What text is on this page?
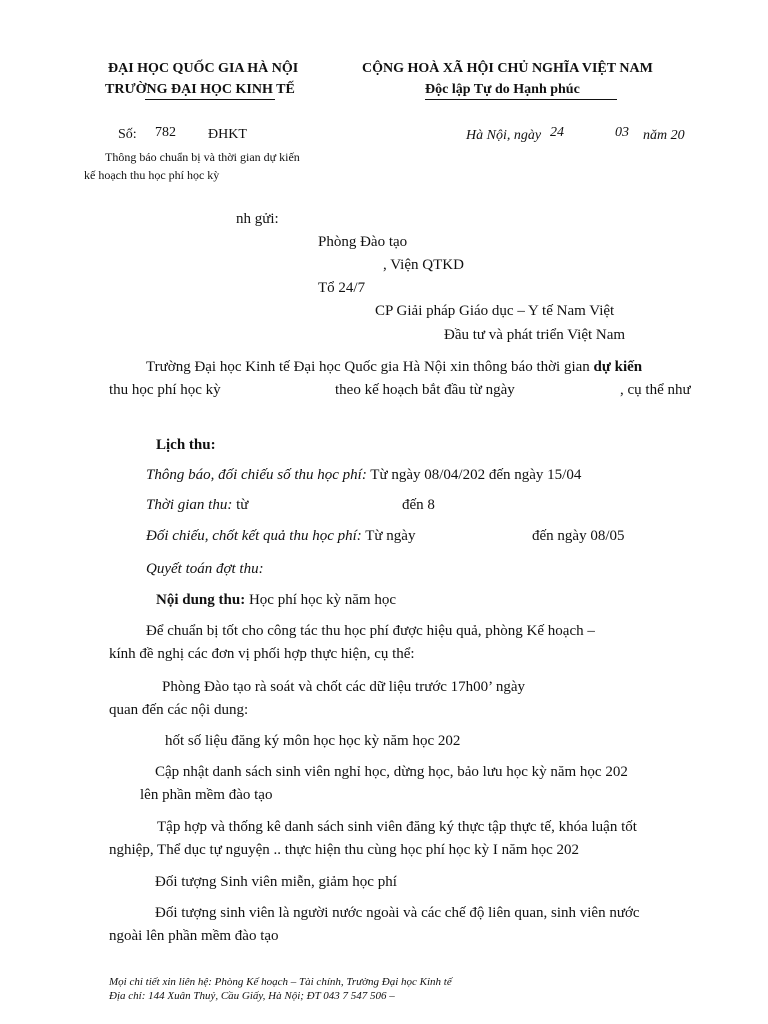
ĐẠI HỌC QUỐC GIA HÀ NỘI
TRƯỜNG ĐẠI HỌC KINH TẾ
CỘNG HOÀ XÃ HỘI CHỦ NGHĨA VIỆT NAM
Độc lập Tự do Hạnh phúc
Số: 782 ĐHKT	Hà Nội, ngày 24	03 năm 20
Thông báo chuẩn bị và thời gian dự kiến
kế hoạch thu học phí học kỳ
nh gửi:
Phòng Đào tạo
, Viện QTKD
Tổ 24/7
CP Giải pháp Giáo dục – Y tế Nam Việt
Đầu tư và phát triển Việt Nam
Trường Đại học Kinh tế Đại học Quốc gia Hà Nội xin thông báo thời gian dự kiến
thu học phí học kỳ	theo kế hoạch bắt đầu từ ngày	, cụ thể như
Lịch thu:
Thông báo, đối chiếu số thu học phí: Từ ngày 08/04/202 đến ngày 15/04
Thời gian thu: từ	đến 8
Đối chiếu, chốt kết quả thu học phí: Từ ngày	đến ngày 08/05
Quyết toán đợt thu:
Nội dung thu: Học phí học kỳ năm học
Để chuẩn bị tốt cho công tác thu học phí được hiệu quả, phòng Kế hoạch –
kính đề nghị các đơn vị phối hợp thực hiện, cụ thể:
Phòng Đào tạo rà soát và chốt các dữ liệu trước 17h00’ ngày
quan đến các nội dung:
hốt số liệu đăng ký môn học học kỳ năm học 202
Cập nhật danh sách sinh viên nghỉ học, dừng học, bảo lưu học kỳ năm học 202
lên phần mềm đào tạo
Tập hợp và thống kê danh sách sinh viên đăng ký thực tập thực tế, khóa luận tốt
nghiệp, Thể dục tự nguyện .. thực hiện thu cùng học phí học kỳ I năm học 202
Đối tượng Sinh viên miễn, giảm học phí
Đối tượng sinh viên là người nước ngoài và các chế độ liên quan, sinh viên nước
ngoài lên phần mềm đào tạo
Mọi chi tiết xin liên hệ: Phòng Kế hoạch – Tài chính, Trường Đại học Kinh tế
Địa chỉ: 144 Xuân Thuỷ, Cầu Giấy, Hà Nội; ĐT 043 7 547 506 –
